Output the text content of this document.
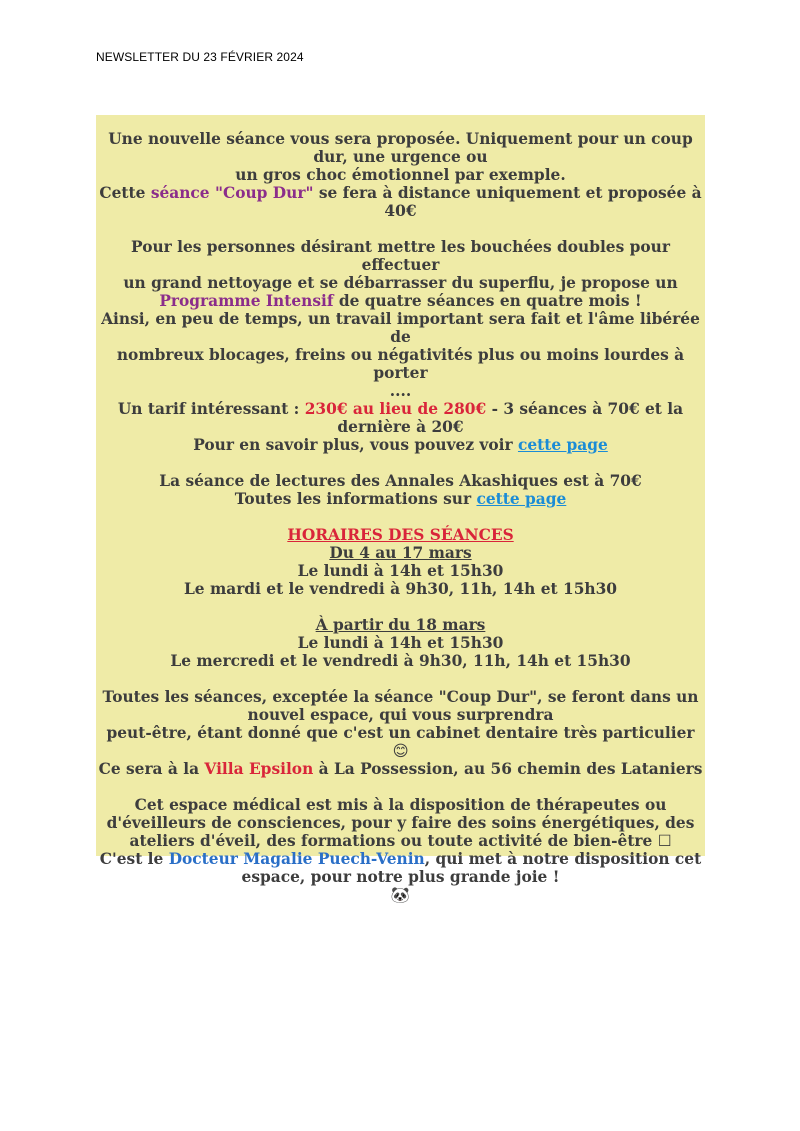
NEWSLETTER DU 23 FÉVRIER 2024

Une nouvelle séance vous sera proposée. Uniquement pour un coup

dur, une urgence ou

un gros choc émotionnel par exemple.

Cette séance "Coup Dur" se fera à distance uniquement et proposée à

40€

Pour les personnes désirant mettre les bouchées doubles pour effectuer

un grand nettoyage et se débarrasser du superflu, je propose un

Programme Intensif de quatre séances en quatre mois !

Ainsi, en peu de temps, un travail important sera fait et l'âme libérée de

nombreux blocages, freins ou négativités plus ou moins lourdes à porter

....

Un tarif intéressant : 230€ au lieu de 280€ - 3 séances à 70€ et la

dernière à 20€

Pour en savoir plus, vous pouvez voir cette page

La séance de lectures des Annales Akashiques est à 70€

Toutes les informations sur cette page

HORAIRES DES SÉANCES

Du 4 au 17 mars

Le lundi à 14h et 15h30

Le mardi et le vendredi à 9h30, 11h, 14h et 15h30

À partir du 18 mars

Le lundi à 14h et 15h30

Le mercredi et le vendredi à 9h30, 11h, 14h et 15h30

Toutes les séances, exceptée la séance "Coup Dur", se feront dans un

nouvel espace, qui vous surprendra

peut-être, étant donné que c'est un cabinet dentaire très particulier 😊

Ce sera à la Villa Epsilon à La Possession, au 56 chemin des Lataniers

Cet espace médical est mis à la disposition de thérapeutes ou

d'éveilleurs de consciences, pour y faire des soins énergétiques, des

ateliers d'éveil, des formations ou toute activité de bien-être ☐

C'est le Docteur Magalie Puech-Venin, qui met à notre disposition cet

espace, pour notre plus grande joie !

🐼
